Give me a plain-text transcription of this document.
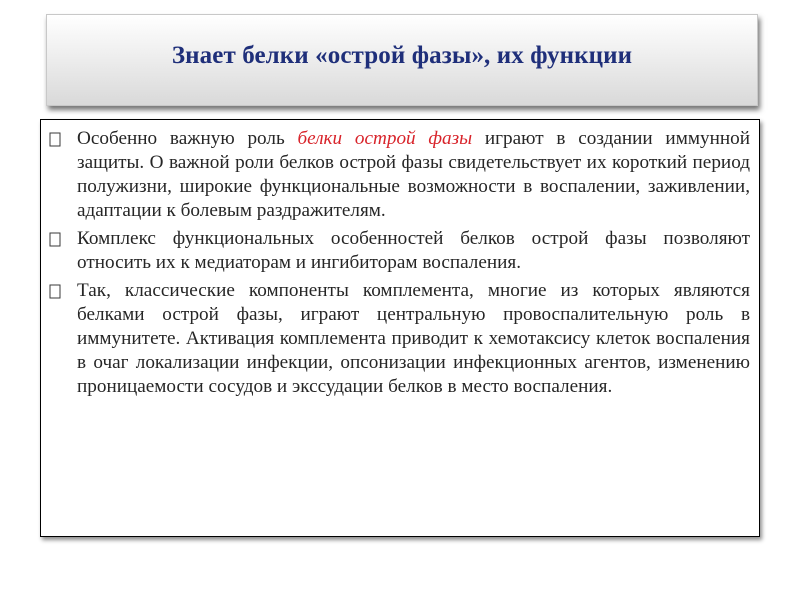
Знает белки «острой фазы», их функции
Особенно важную роль белки острой фазы играют в создании иммунной защиты. О важной роли белков острой фазы свидетельствует их короткий период полужизни, широкие функциональные возможности в воспалении, заживлении, адаптации к болевым раздражителям.
Комплекс функциональных особенностей белков острой фазы позволяют относить их к медиаторам и ингибиторам воспаления.
Так, классические компоненты комплемента, многие из которых являются белками острой фазы, играют центральную провоспалительную роль в иммунитете. Активация комплемента приводит к хемотаксису клеток воспаления в очаг локализации инфекции, опсонизации инфекционных агентов, изменению проницаемости сосудов и экссудации белков в место воспаления.
